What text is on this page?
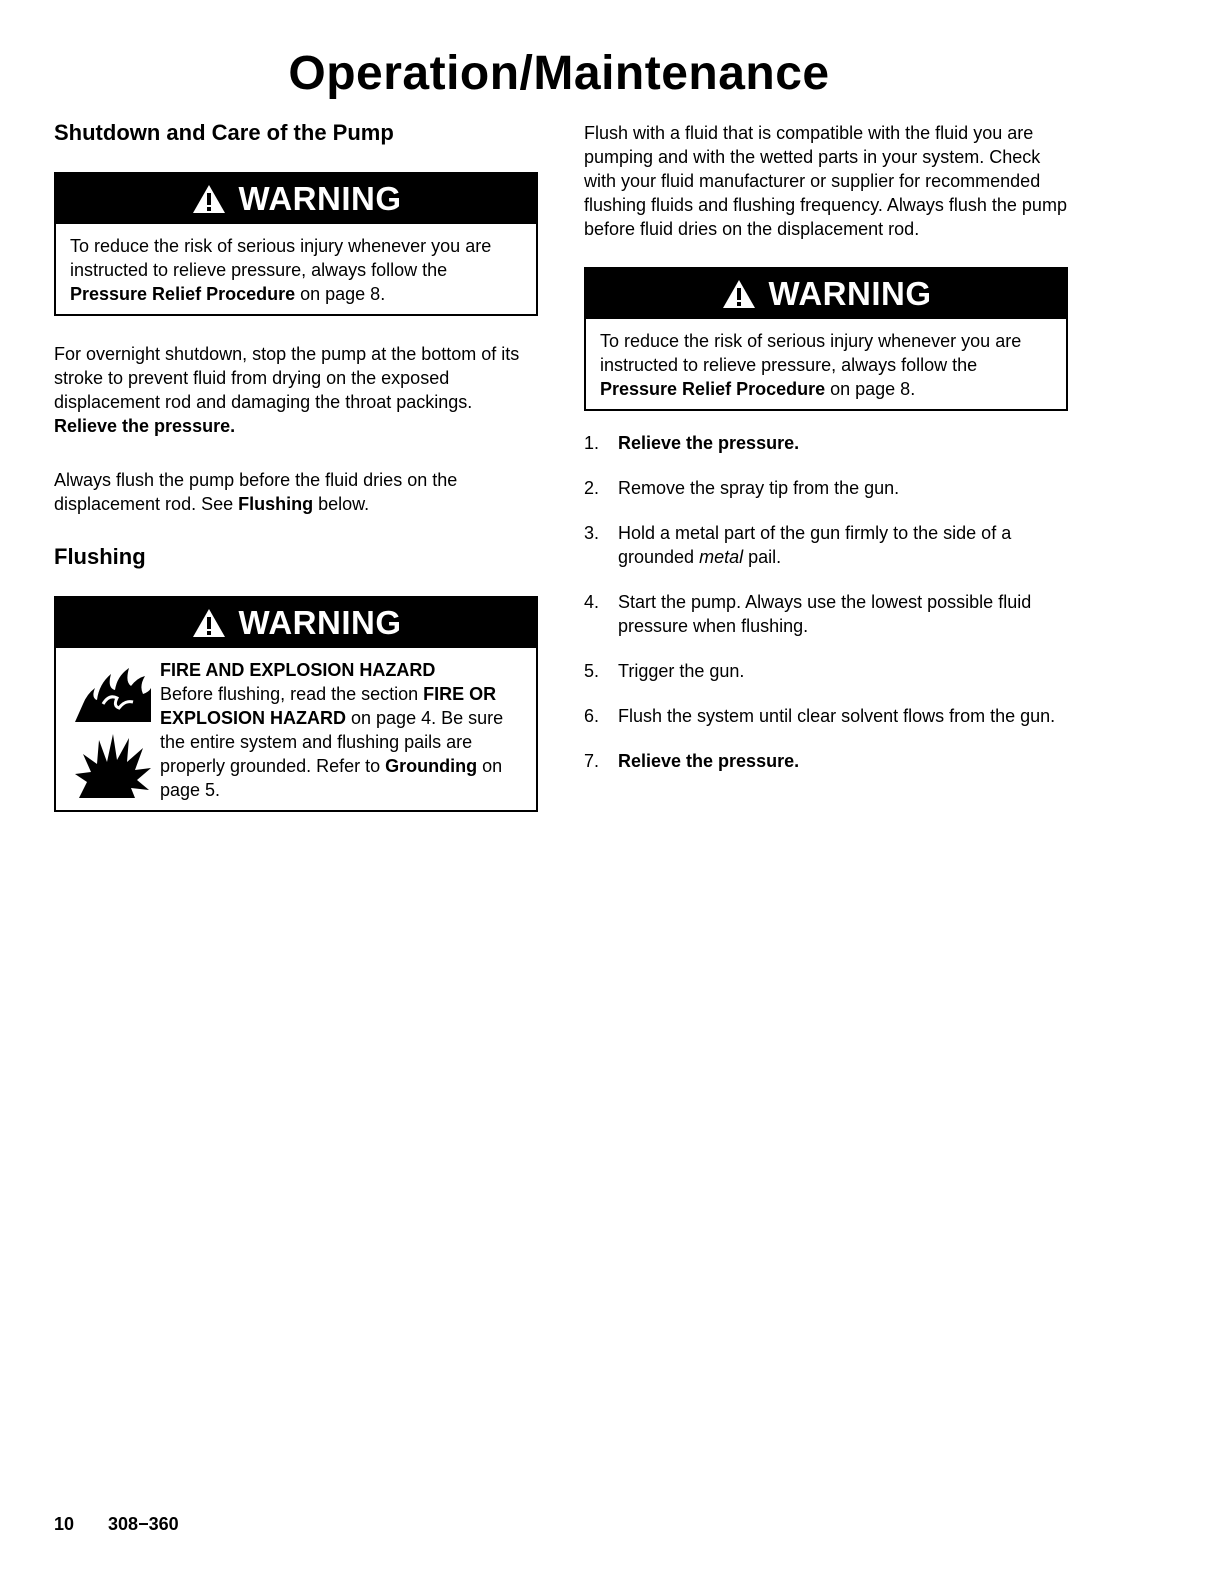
Operation/Maintenance
Shutdown and Care of the Pump
WARNING
To reduce the risk of serious injury whenever you are instructed to relieve pressure, always follow the Pressure Relief Procedure on page 8.

For overnight shutdown, stop the pump at the bottom of its stroke to prevent fluid from drying on the exposed displacement rod and damaging the throat packings. Relieve the pressure.

Always flush the pump before the fluid dries on the displacement rod. See Flushing below.

Flushing
WARNING
FIRE AND EXPLOSION HAZARD
Before flushing, read the section FIRE OR EXPLOSION HAZARD on page 4. Be sure the entire system and flushing pails are properly grounded. Refer to Grounding on page 5.

Flush with a fluid that is compatible with the fluid you are pumping and with the wetted parts in your system. Check with your fluid manufacturer or supplier for recommended flushing fluids and flushing frequency. Always flush the pump before fluid dries on the displacement rod.

WARNING
To reduce the risk of serious injury whenever you are instructed to relieve pressure, always follow the Pressure Relief Procedure on page 8.
1.	Relieve the pressure.
2.	Remove the spray tip from the gun.
3.	Hold a metal part of the gun firmly to the side of a grounded metal pail.
4.	Start the pump. Always use the lowest possible fluid pressure when flushing.
5.	Trigger the gun.
6.	Flush the system until clear solvent flows from the gun.
7.	Relieve the pressure.
10 308−360
